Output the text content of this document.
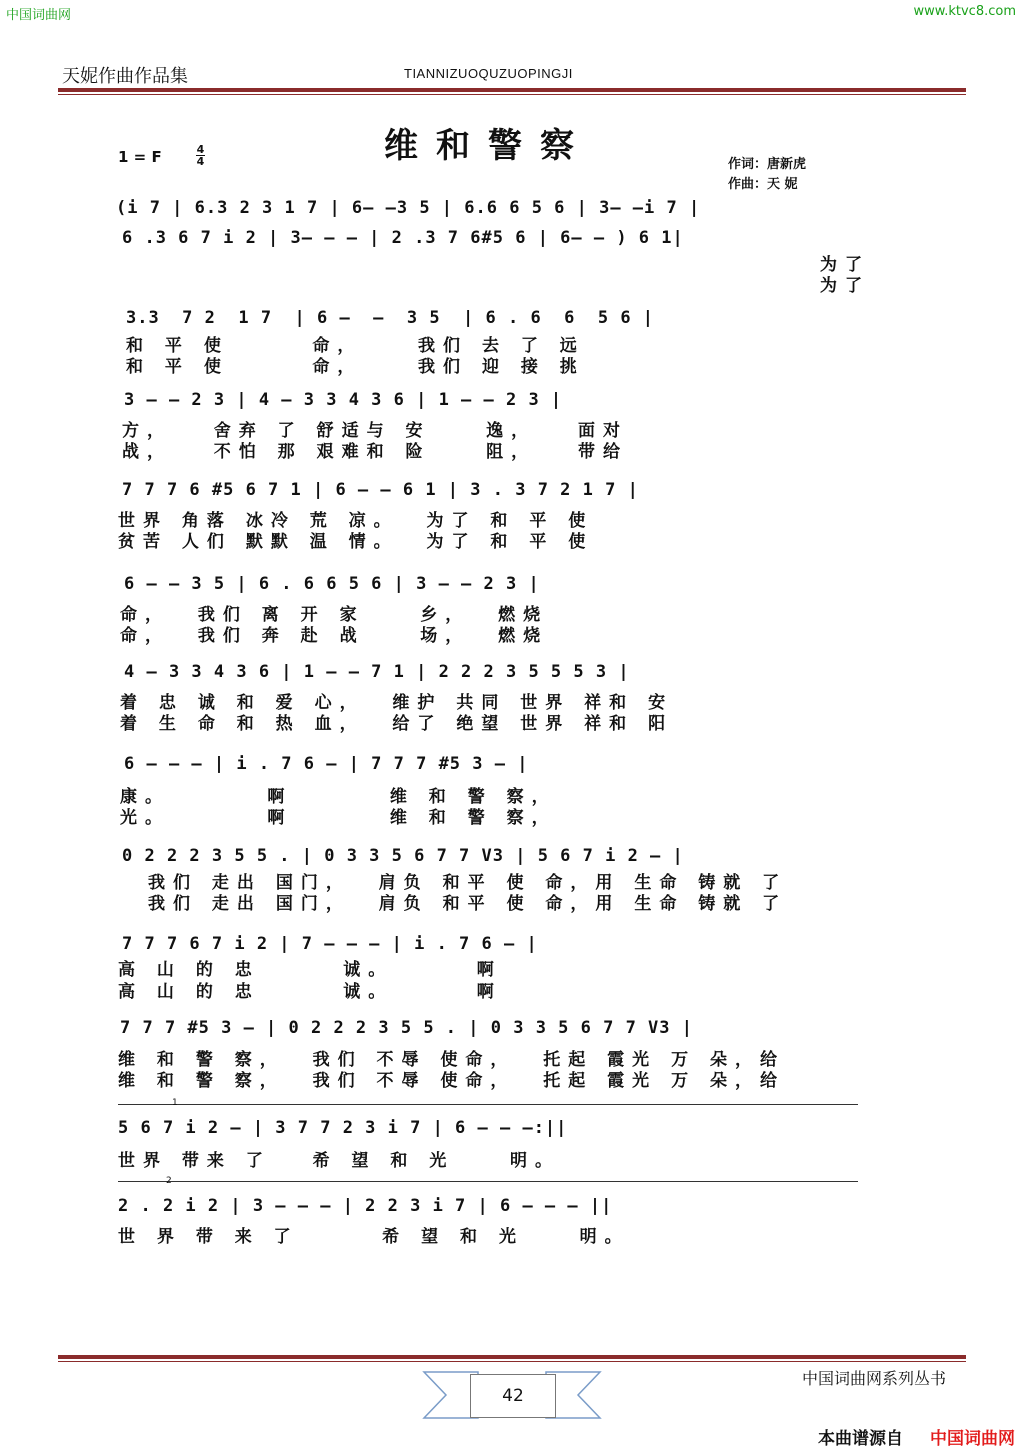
中国词曲网	www.ktvc8.com
天妮作曲作品集	TIANNIZUOQUZUOPINGJI
维和警察
1 = F	4
4	作词：唐新虎
作曲：天 妮
(i 7 | 6.3 2 3 1 7 | 6— —3 5 | 6.6 6 5 6 | 3— —i 7 |
6 .3 6 7 i 2 | 3— — — | 2 .3 7 6#5 6 | 6— — ) 6 1|
为了
为了
3.3  7 2  1 7  | 6 —  —  3 5  | 6 . 6  6  5 6 |
和 平 使      命，    我们 去 了 远
和 平 使      命，    我们 迎 接 挑
3 — — 2 3 | 4 — 3 3 4 3 6 | 1 — — 2 3 |
方，   舍弃 了 舒适与 安    逸，   面对
战，   不怕 那 艰难和 险    阻，   带给
7 7 7 6 #5 6 7 1 | 6 — — 6 1 | 3 . 3 7 2 1 7 |
世界 角落 冰冷 荒 凉。  为了 和 平 使
贫苦 人们 默默 温 情。  为了 和 平 使
6 — — 3 5 | 6 . 6 6 5 6 | 3 — — 2 3 |
命，  我们 离 开 家    乡，  燃烧
命，  我们 奔 赴 战    场，  燃烧
4 — 3 3 4 3 6 | 1 — — 7 1 | 2 2 2 3 5 5 5 3 |
着 忠 诚 和 爱 心，  维护 共同 世界 祥和 安
着 生 命 和 热 血，  给了 绝望 世界 祥和 阳
6 — — — | i . 7 6 — | 7 7 7 #5 3 — |
康。       啊       维 和 警 察，
光。       啊       维 和 警 察，
0 2 2 2 3 5 5 . | 0 3 3 5 6 7 7 V3 | 5 6 7 i 2 — |
我们 走出 国门，  肩负 和平 使 命，用 生命 铸就 了
我们 走出 国门，  肩负 和平 使 命，用 生命 铸就 了
7 7 7 6 7 i 2 | 7 — — — | i . 7 6 — |
高 山 的 忠      诚。      啊
高 山 的 忠      诚。      啊
7 7 7 #5 3 — | 0 2 2 2 3 5 5 . | 0 3 3 5 6 7 7 V3 |
维 和 警 察，  我们 不辱 使命，  托起 霞光 万 朵，给
维 和 警 察，  我们 不辱 使命，  托起 霞光 万 朵，给
1
5 6 7 i 2 — | 3 7 7 2 3 i 7 | 6 — — —:||
世界 带来 了   希 望 和 光    明。
2
2 . 2 i 2 | 3 — — — | 2 2 3 i 7 | 6 — — — ||
世 界 带 来 了      希 望 和 光    明。
42
中国词曲网系列丛书
本曲谱源自 中国词曲网
